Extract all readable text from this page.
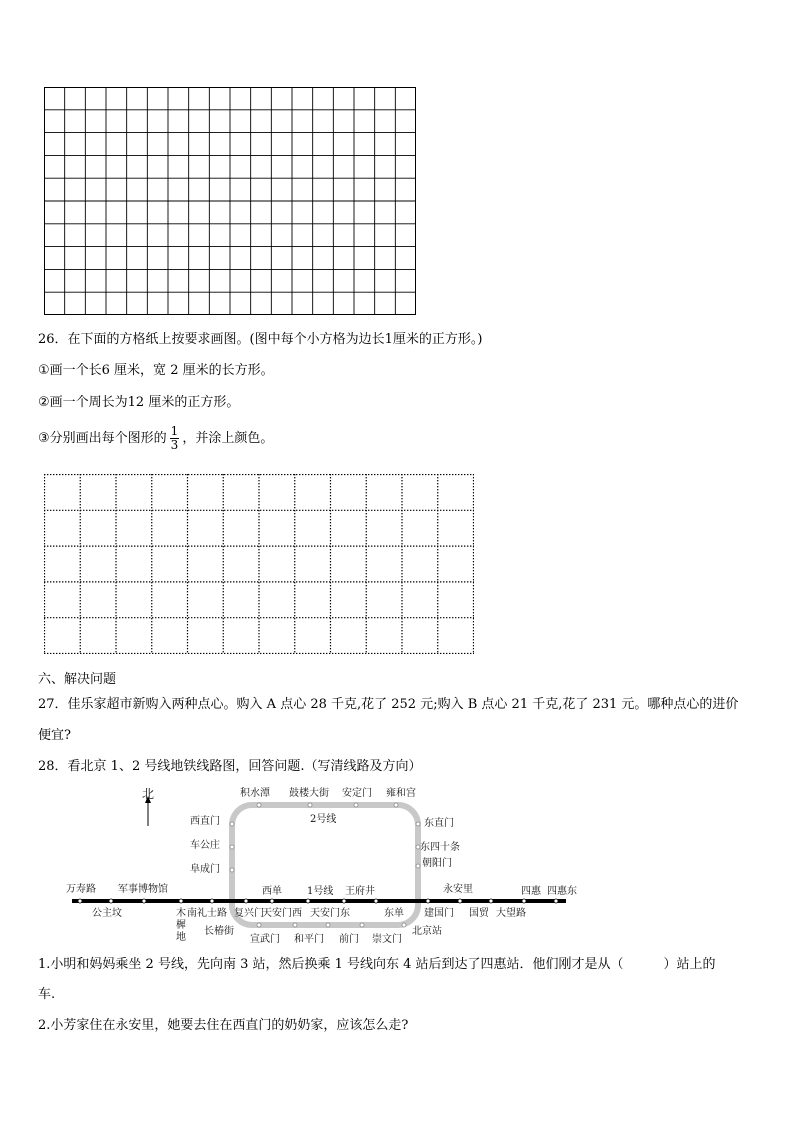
26．在下面的方格纸上按要求画图。(图中每个小方格为边长1厘米的正方形。)
①画一个长6 厘米，宽 2 厘米的长方形。
②画一个周长为12 厘米的正方形。
③分别画出每个图形的 $\frac{1}{3}$ ，并涂上颜色。
六、解决问题
27．佳乐家超市新购入两种点心。购入 A 点心 28 千克,花了 252 元;购入 B 点心 21 千克,花了 231 元。哪种点心的进价
便宜?
28．看北京 1、2 号线地铁线路图，回答问题.（写清线路及方向）
北
2号线
1号线
积水潭 鼓楼大街 安定门 雍和宫
西直门
车公庄
阜成门
东直门
东四十条
朝阳门
万寿路 军事博物馆	西单	王府井	永安里	四惠 四惠东
公主坟	木
樨
地
南礼士路 复兴门
天安门西 天安门东	东单 建国门 国贸 大望路
长椿街
宣武门 和平门 前门 崇文门
北京站
1.小明和妈妈乘坐 2 号线，先向南 3 站，然后换乘 1 号线向东 4 站后到达了四惠站．他们刚才是从（	）站上的
车.
2.小芳家住在永安里，她要去住在西直门的奶奶家，应该怎么走?
